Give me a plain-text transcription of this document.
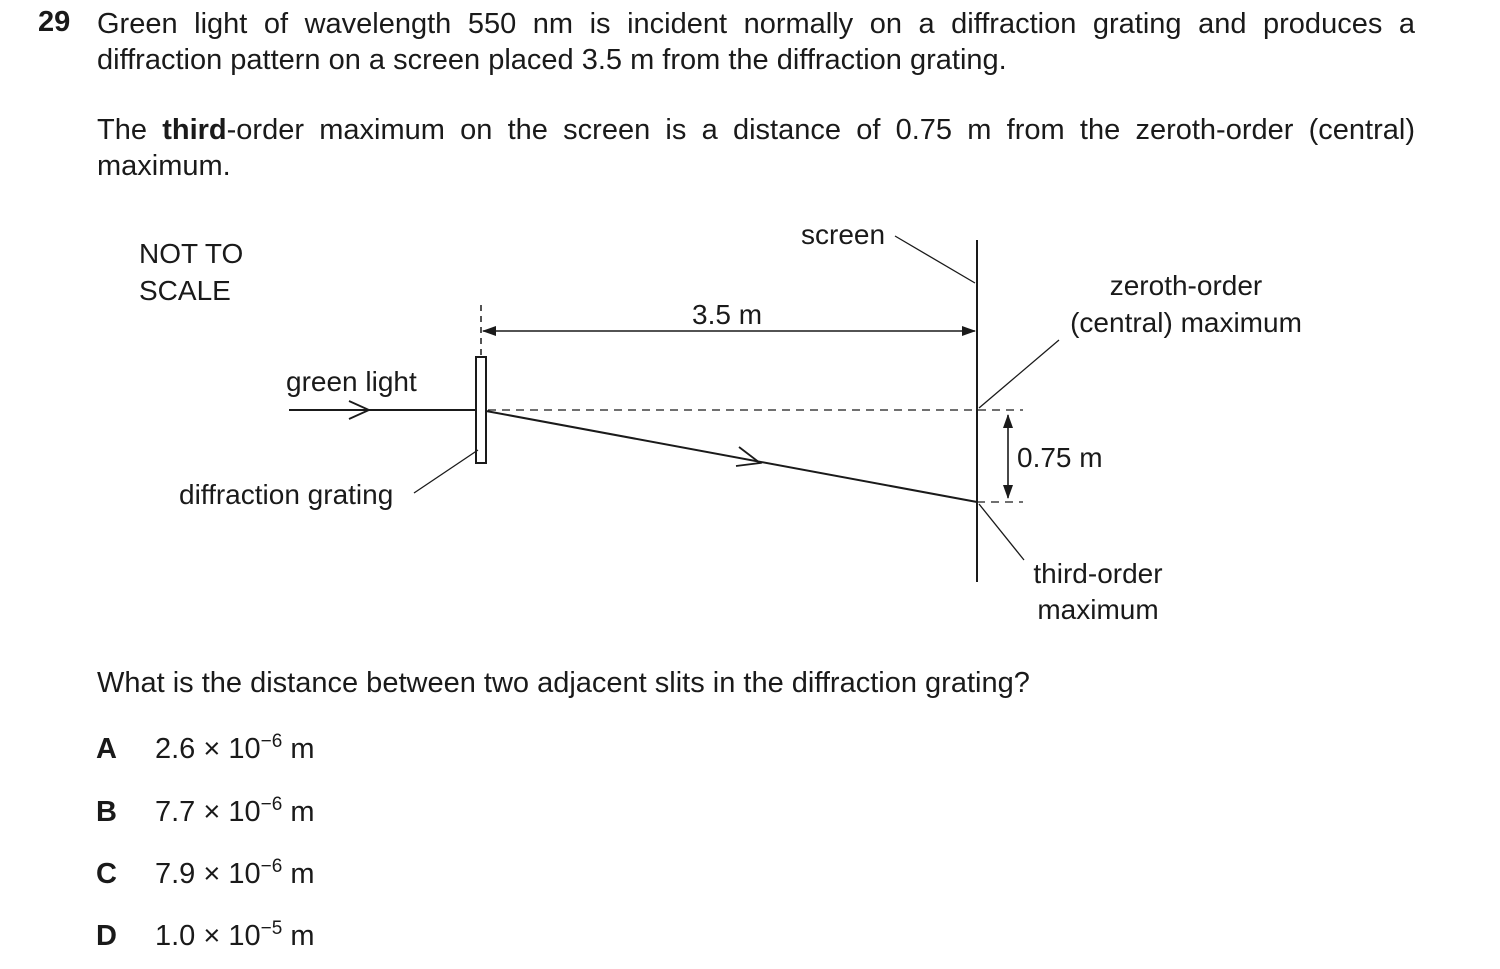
29 Green light of wavelength 550 nm is incident normally on a diffraction grating and produces a diffraction pattern on a screen placed 3.5 m from the diffraction grating.
The third-order maximum on the screen is a distance of 0.75 m from the zeroth-order (central) maximum.
NOT TO
SCALE
3.5 m
screen
diffraction grating
green light
0.75 m
zeroth-order
(central) maximum
third-order
maximum
What is the distance between two adjacent slits in the diffraction grating?
A $2.6 \times 10^{-6}$ m
B $7.7 \times 10^{-6}$ m
C $7.9 \times 10^{-6}$ m
D $1.0 \times 10^{-5}$ m
